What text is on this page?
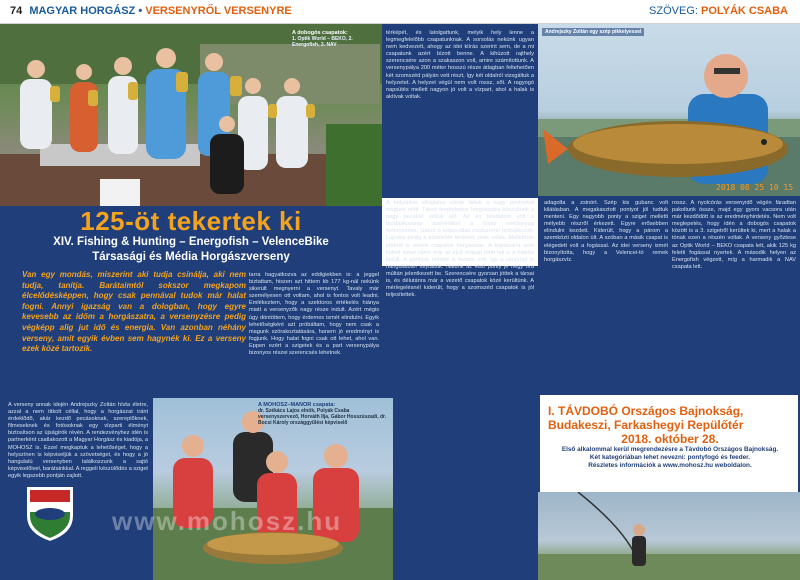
74 MAGYAR HORGÁSZ • VERSENYRŐL VERSENYRE	SZÖVEG: POLYÁK CSABA
A dobogós csapatok:
1. Optik World – BEKO, 2. Energofish, 3. NAV
Andrejszky Zoltán egy szép pikkelyessel
2018 08 25 10 15
125-öt tekertek ki
XIV. Fishing & Hunting – Energofish – VelenceBike
Társasági és Média Horgászverseny
Van egy mondás, miszerint aki tudja csinálja, aki nem tudja, tanítja. Barátaimtól sokszor megkapom élcelődésképpen, hogy csak pennával tudok már halat fogni. Annyi igazság van a dologban, hogy egyre kevesebb az időm a horgászatra, a versenyzésre pedig végképp alig jut idő és energia. Van azonban néhány verseny, amit egyik évben sem hagynék ki. Ez a verseny ezek közé tartozik.
tarra hagyatkozva az eddigiekben is: a jeggel biztattam, hiszen azt hittem kb 177 kg-nál nekünk sikerült megnyerni a versenyt. Tavaly már személyesen ott voltam, ahol is fontos volt leadni. Emlékeztem, hogy a szektoros értékelés hiánya miatt a versenyzők nagy része indult. Azért mégis úgy döntöttem, hogy érdemes ismét elindulni. Egyik lehetőségként azt próbáltam, hogy nem csak a magunk szórakoztatására, hanem jó eredményt is fogjunk. Hogy halat fogni csak ott lehet, ahol van. Eppen ezért a szigetek és a part versenypálya bizonyos részei szerencsés lehetnek.
A verseny annak idején Andrejszky Zoltán hívta életre, azzal a nem titkolt céllal, hogy a horgászat iránt érdeklődő, akár kezdő pecásoknak, szereplőknek, filmeseknek és fotósoknak egy vízparti élményt biztosítson az újságírók révén. A rendezvényhez idén is partnerként csatlakozott a Magyar Horgász és kiadója, a MOHOSZ is. Ezzel megkaptuk a lehetőséget, hogy a helyszínen is képviseljük a szövetséget, és hogy a jó hangulatú versenyben találkozzunk a sajtó képviselőivel, barátainkkal. A reggeli készülődés a sziget egyik legszebb pontján zajlott.
térképét, és latolgattunk, melyik hely lenne a legmegfelelőbb csapatunknak. A sorsolás nekünk ugyan nem kedvezett, ahogy az idei kiírás szerint sem, de a mi csapatunk azért bízott benne. A kihúzott rajthely szerencsére azon a szakaszon volt, amire számítottunk. A versenypálya 200 méter hosszú része átlagban feltehetően két szomszéd pályán vett részt, így két oldalról vizsgáltuk a helyzetet. A helyzet végül nem volt rossz, sőt. A ragyogó napsütés mellett nagyon jó volt a vízpart, ahol a halak is aktívak voltak.
A helyünket elfoglalva szinte láttuk a nagy pontyokat magunk előtt. Távoli feederbotos horgászatra készültünk a nagy pecákat vettük elő. Az én feladatom volt a bordáskosaras szerelékkel a bójás etetőanyag betervezése, Gábor a tollasvállas módszerrel próbálkozott. Lajoska pedig a közelebbi területet vette célba. Mellettünk jobbról is remek csapatok horgásztak. A kapásokra sem kellett sokat várni: már az első órában több hal is a hálóba került. A pontyok mérete is biztató volt, így a versenyt jó hangulatban folytattuk. Nálunk az első ponty je négy óra múltán jelentkezett be. Szerencsére gyorsan jöttek a társai is, és délutánra már a vezető csapatok közé kerültünk. A mérlegelésnél kiderült, hogy a szomszéd csapatok is jól teljesítettek.
adagolta a zsinórt. Szép kis gubanc volt kilátásban. A megakasztott pontyot jól tudtuk menteni. Egy nagyobb ponty a sziget melletti mélyebb részről érkezett. Egyre erősebben elindulni kezdett. Kiderült, hogy a párom a szemközti oldalon ült. A szóban a másik csapat is elégedett volt a fogással. Az idei verseny ismét bizonyította, hogy a Velencei-tó remek horgászvíz.
rossz. A nyolcórás versenyidő végén fáradtan pakoltunk össze, majd egy gyors vacsora után már kezdődött is az eredményhirdetés. Nem volt meglepetés, hogy idén a dobogós csapatok között is a 3. szigetről kerültek ki, mert a halak a tónak ezen a részén voltak. A verseny győztese az Optik World – BEKO csapata lett, akik 125 kg feletti fogással nyertek. A második helyen az Energofish végzett, míg a harmadik a NAV csapata lett.
A MOHOSZ–MANOR csapata:
dr. Székács Lajos elnök, Polyák Csaba versenyszervező, Horváth Ilja, Gábor Hosszúszadi, dr. Bocsi Károly országgyűlési képviselő
www.mohosz.hu
I. TÁVDOBÓ Országos Bajnokság,
Budakeszi, Farkashegyi Repülőtér
2018. október 28.
Első alkalommal kerül megrendezésre a Távdobó Országos Bajnokság.
Két kategóriában lehet nevezni: pontyfogó és feeder.
Részletes információk a www.mohosz.hu weboldalon.
